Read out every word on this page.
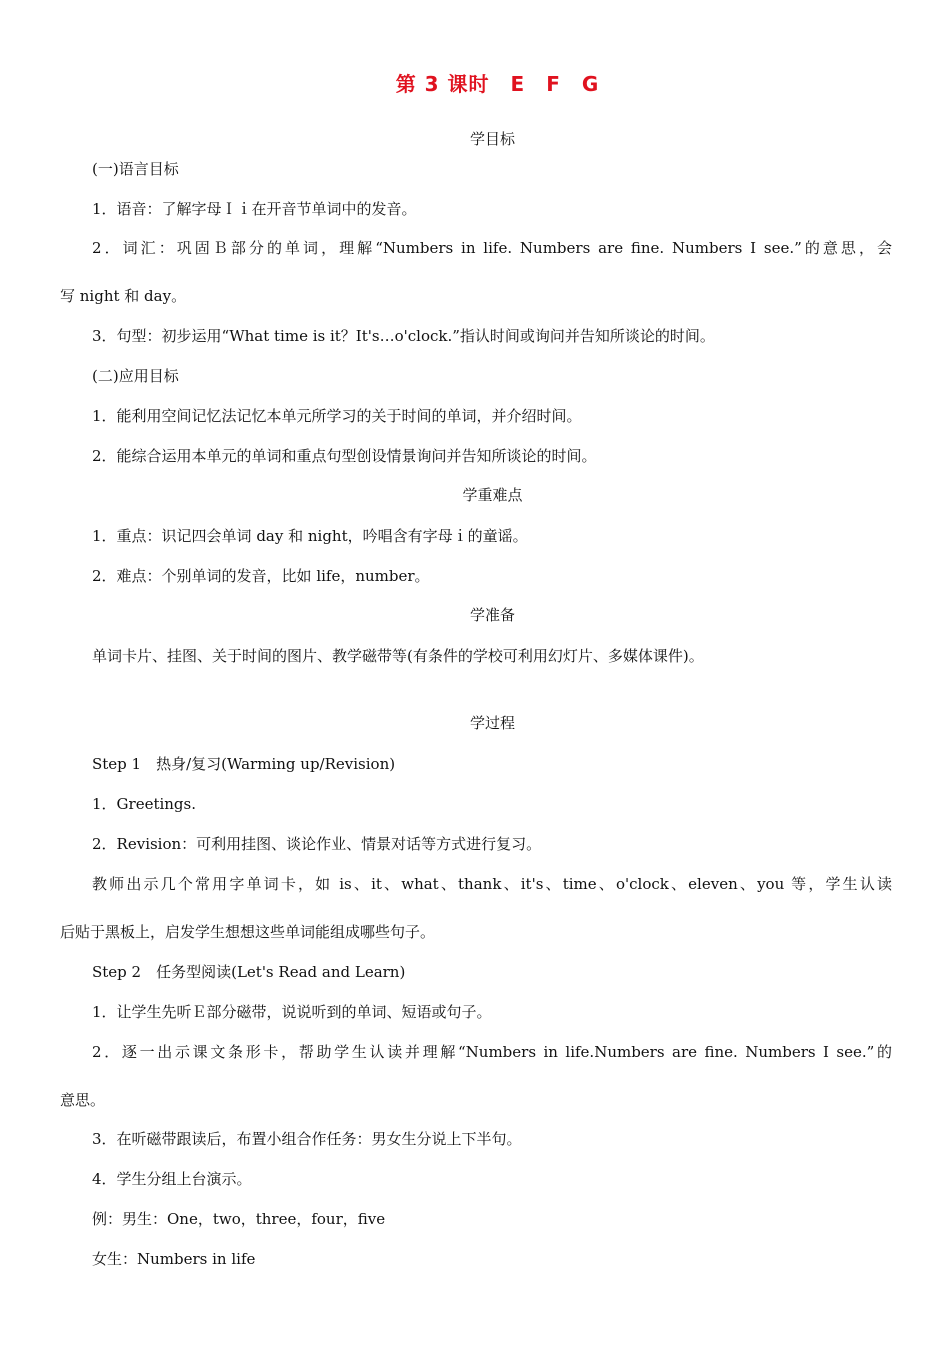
第 3 课时　E　F　G
学目标
(一)语言目标
1．语音：了解字母Ｉｉ在开音节单词中的发音。
2．词汇：巩固Ｂ部分的单词，理解“Numbers in life. Numbers are fine. Numbers I see.”的意思，会
写 night 和 day。
3．句型：初步运用“What time is it？It's…o'clock.”指认时间或询问并告知所谈论的时间。
(二)应用目标
1．能利用空间记忆法记忆本单元所学习的关于时间的单词，并介绍时间。
2．能综合运用本单元的单词和重点句型创设情景询问并告知所谈论的时间。
学重难点
1．重点：识记四会单词 day 和 night，吟唱含有字母ｉ的童谣。
2．难点：个别单词的发音，比如 life，number。
学准备
单词卡片、挂图、关于时间的图片、教学磁带等(有条件的学校可利用幻灯片、多媒体课件)。
学过程
Step 1　热身/复习(Warming up/Revision)
1．Greetings.
2．Revision：可利用挂图、谈论作业、情景对话等方式进行复习。
教师出示几个常用字单词卡，如 is、it、what、thank、it's、time、o'clock、eleven、you 等，学生认读
后贴于黑板上，启发学生想想这些单词能组成哪些句子。
Step 2　任务型阅读(Let's Read and Learn)
1．让学生先听Ｅ部分磁带，说说听到的单词、短语或句子。
2．逐一出示课文条形卡，帮助学生认读并理解“Numbers in life.Numbers are fine. Numbers I see.”的
意思。
3．在听磁带跟读后，布置小组合作任务：男女生分说上下半句。
4．学生分组上台演示。
例：男生：One，two，three，four，five
女生：Numbers in life
